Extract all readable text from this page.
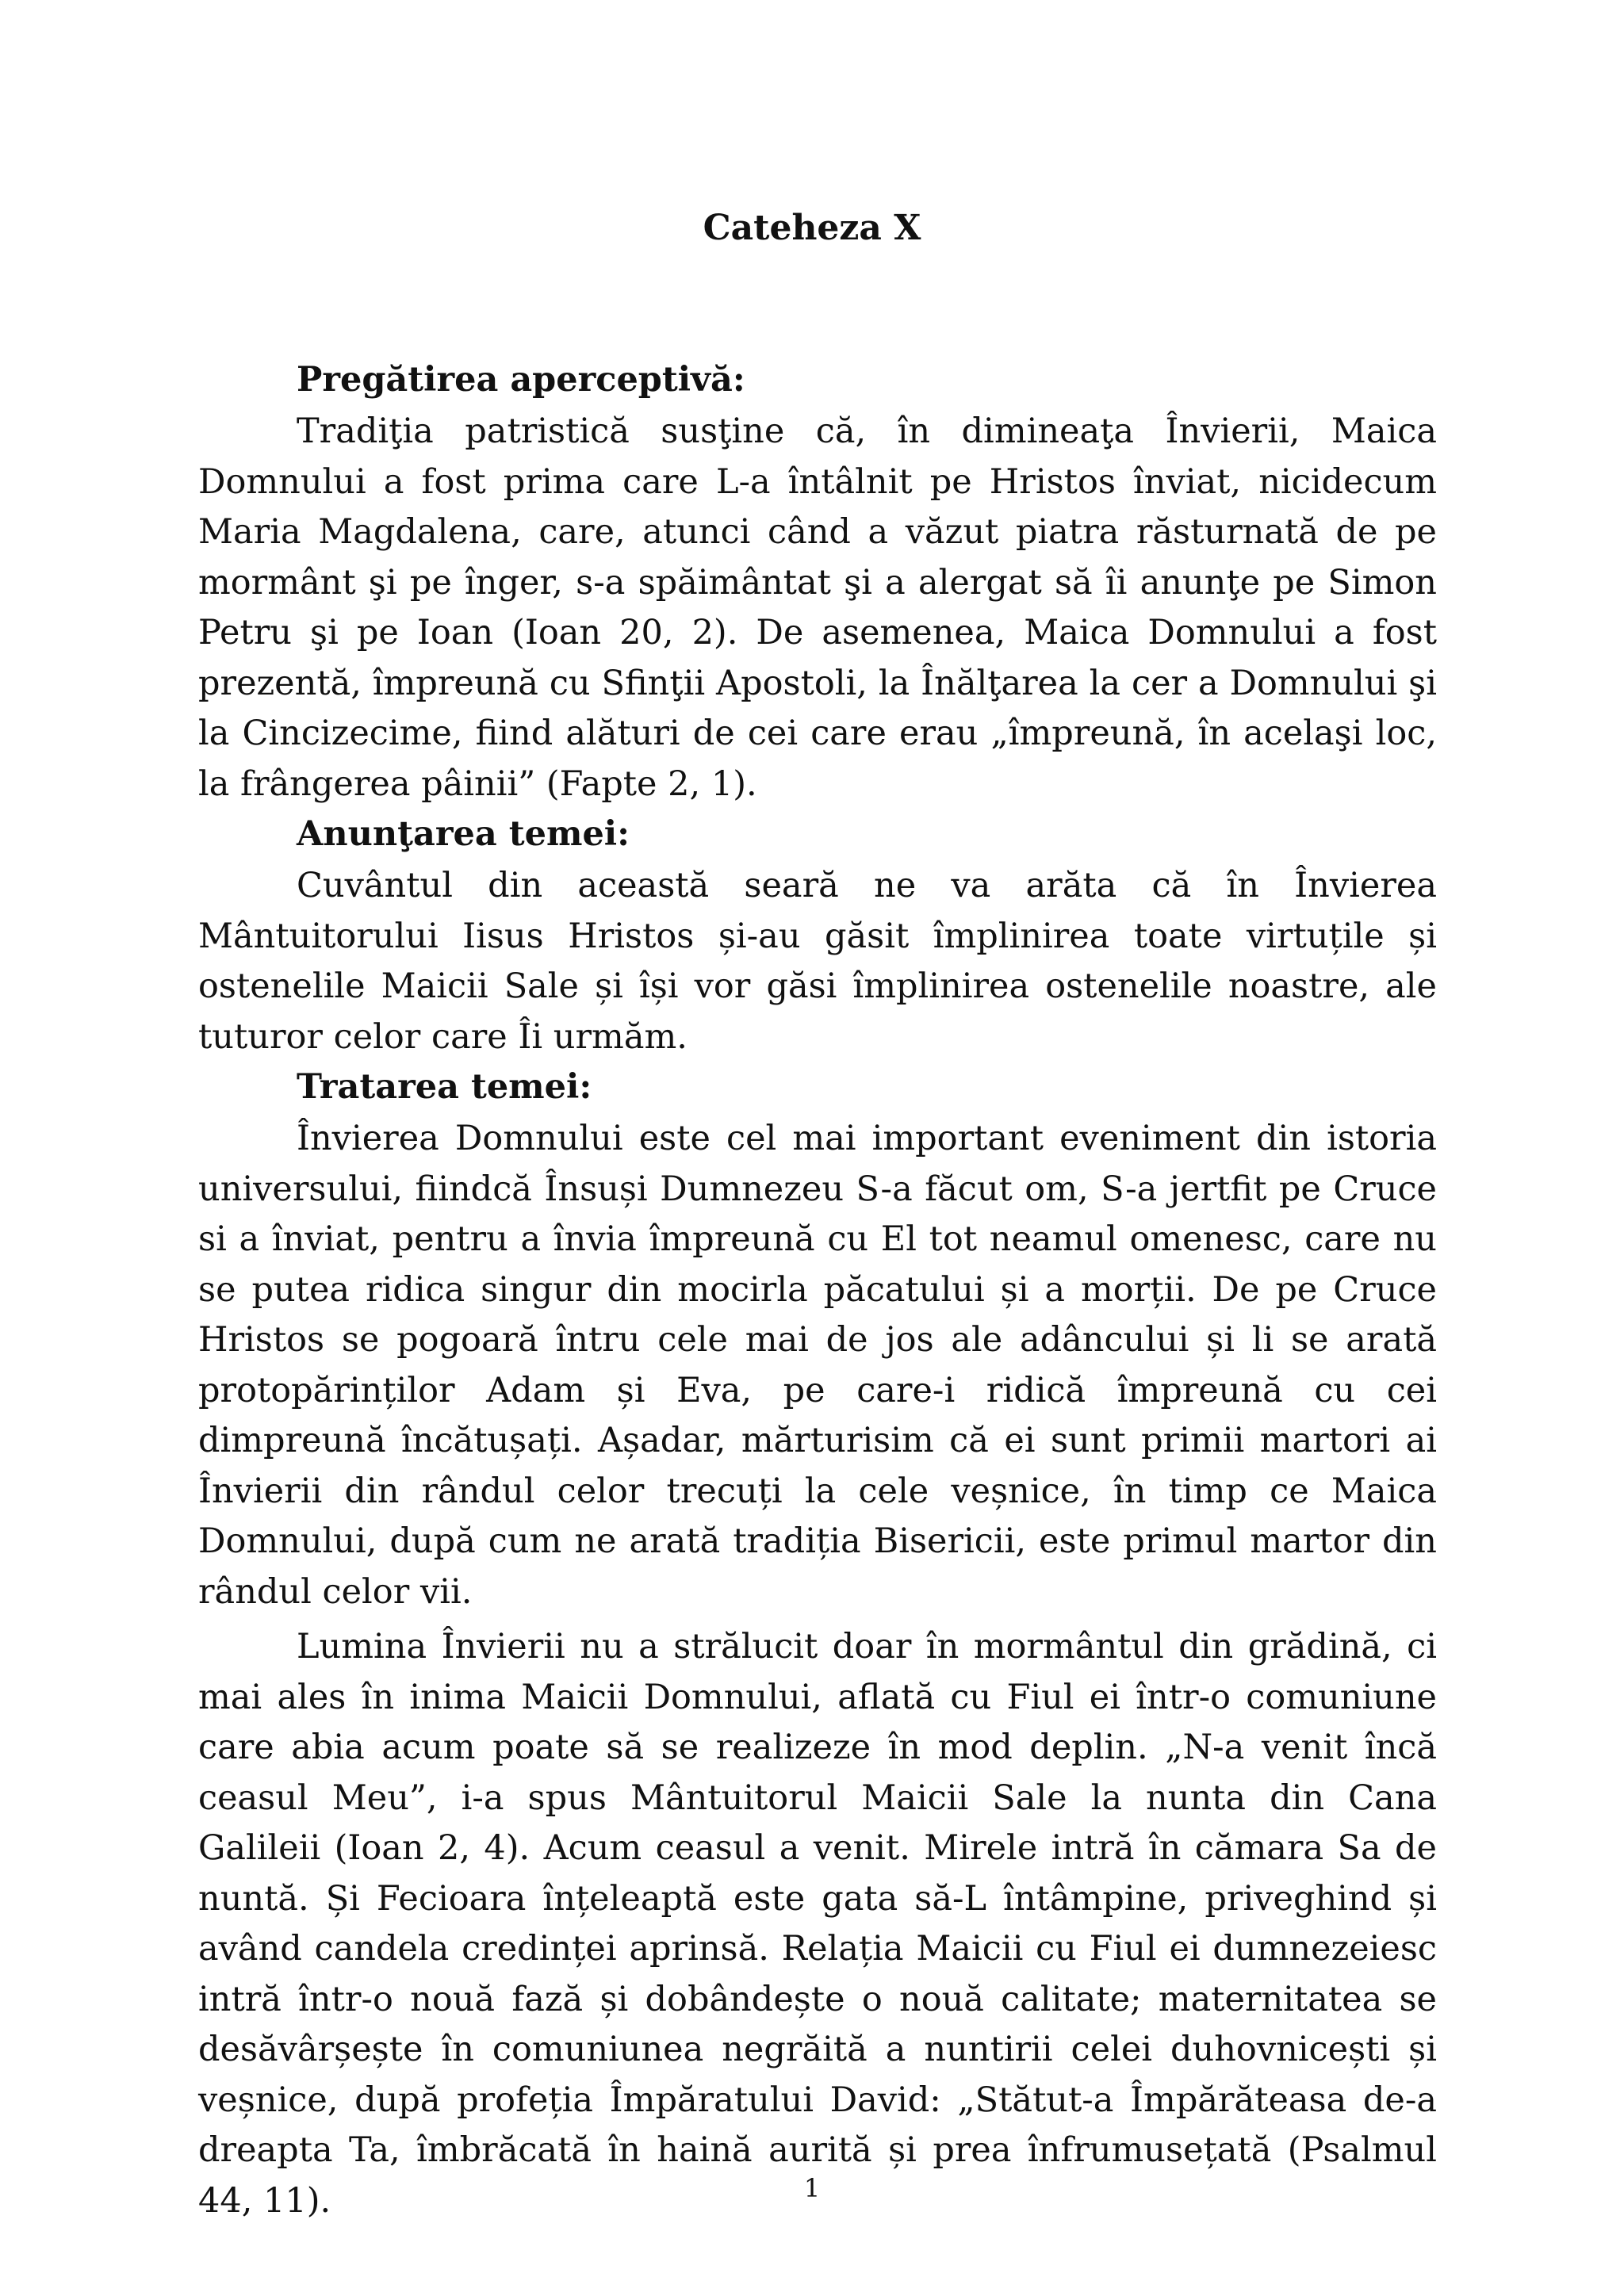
Cateheza X

Pregătirea aperceptivă:

Tradiţia patristică susţine că, în dimineaţa Învierii, Maica Domnului a fost prima care L-a întâlnit pe Hristos înviat, nicidecum Maria Magdalena, care, atunci când a văzut piatra răsturnată de pe mormânt şi pe înger, s-a spăimântat şi a alergat să îi anunţe pe Simon Petru şi pe Ioan (Ioan 20, 2). De asemenea, Maica Domnului a fost prezentă, împreună cu Sfinţii Apostoli, la Înălţarea la cer a Domnului şi la Cincizecime, fiind alături de cei care erau „împreună, în acelaşi loc, la frângerea pâinii” (Fapte 2, 1).

Anunţarea temei:

Cuvântul din această seară ne va arăta că în Învierea Mântuitorului Iisus Hristos și-au găsit împlinirea toate virtuțile și ostenelile Maicii Sale și își vor găsi împlinirea ostenelile noastre, ale tuturor celor care Îi urmăm.

Tratarea temei:

Învierea Domnului este cel mai important eveniment din istoria universului, fiindcă Însuși Dumnezeu S-a făcut om, S-a jertfit pe Cruce si a înviat, pentru a învia împreună cu El tot neamul omenesc, care nu se putea ridica singur din mocirla păcatului și a morții. De pe Cruce Hristos se pogoară întru cele mai de jos ale adâncului și li se arată protopărinților Adam și Eva, pe care-i ridică împreună cu cei dimpreună încătușați. Așadar, mărturisim că ei sunt primii martori ai Învierii din rândul celor trecuți la cele veșnice, în timp ce Maica Domnului, după cum ne arată tradiția Bisericii, este primul martor din rândul celor vii.

Lumina Învierii nu a strălucit doar în mormântul din grădină, ci mai ales în inima Maicii Domnului, aflată cu Fiul ei într-o comuniune care abia acum poate să se realizeze în mod deplin. „N-a venit încă ceasul Meu”, i-a spus Mântuitorul Maicii Sale la nunta din Cana Galileii (Ioan 2, 4). Acum ceasul a venit. Mirele intră în cămara Sa de nuntă. Și Fecioara înțeleaptă este gata să-L întâmpine, priveghind și având candela credinței aprinsă. Relația Maicii cu Fiul ei dumnezeiesc intră într-o nouă fază și dobândește o nouă calitate; maternitatea se desăvârșește în comuniunea negrăită a nuntirii celei duhovnicești și veșnice, după profeția Împăratului David: „Stătut-a Împărăteasa de-a dreapta Ta, îmbrăcată în haină aurită și prea înfrumusețată (Psalmul 44, 11).	1
